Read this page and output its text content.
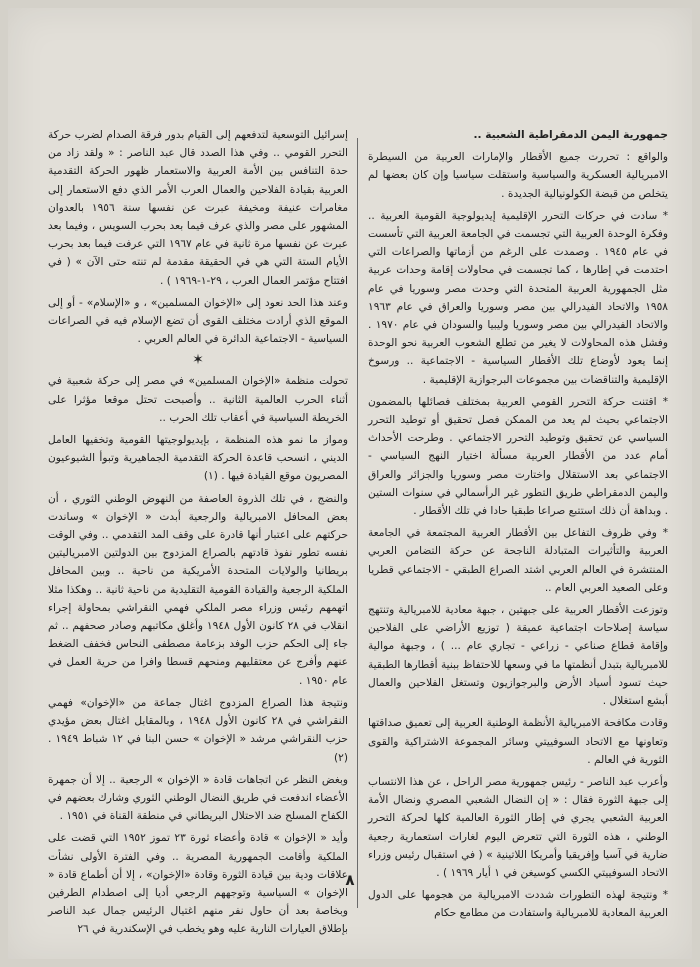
جمهورية اليمن الدمقراطية الشعبية ..

والواقع : تحررت جميع الأقطار والإمارات العربية من السيطرة الامبريالية العسكرية والسياسية واستقلت سياسيا وإن كان بعضها لم يتخلص من قبضة الكولونيالية الجديدة .

* سادت في حركات التحرر الإقليمية إيديولوجية القومية العربية .. وفكرة الوحدة العربية التي تجسمت في الجامعة العربية التي تأسست في عام ١٩٤٥ . وصمدت على الرغم من أزماتها والصراعات التي احتدمت في إطارها ، كما تجسمت في محاولات إقامة وحدات عربية مثل الجمهورية العربية المتحدة التي وحدت مصر وسوريا في عام ١٩٥٨ والاتحاد الفيدرالي بين مصر وسوريا والعراق في عام ١٩٦٣ والاتحاد الفيدرالي بين مصر وسوريا وليبيا والسودان في عام ١٩٧٠ . وفشل هذه المحاولات لا يغير من تطلع الشعوب العربية نحو الوحدة إنما يعود لأوضاع تلك الأقطار السياسية - الاجتماعية .. ورسوخ الإقليمية والتناقضات بين مجموعات البرجوازية الإقليمية .

* اقتنت حركة التحرر القومي العربية بمختلف فصائلها بالمضمون الاجتماعي بحيث لم يعد من الممكن فصل تحقيق أو توطيد التحرر السياسي عن تحقيق وتوطيد التحرر الاجتماعي . وطرحت الأحداث أمام عدد من الأقطار العربية مسألة اختيار النهج السياسي - الاجتماعي بعد الاستقلال واختارت مصر وسوريا والجزائر والعراق واليمن الدمقراطي طريق التطور غير الرأسمالي في سنوات الستين . وبداهة أن ذلك استتبع صراعا طبقيا حادا في تلك الأقطار .

* وفي ظروف التفاعل بين الأقطار العربية المجتمعة في الجامعة العربية والتأثيرات المتبادلة الناجحة عن حركة التضامن العربي المنتشرة في العالم العربي اشتد الصراع الطبقي - الاجتماعي قطريا وعلى الصعيد العربي العام ..

وتوزعت الأقطار العربية على جبهتين ، جبهة معادية للامبريالية وتنتهج سياسة إصلاحات اجتماعية عميقة ( توزيع الأراضي على الفلاحين وإقامة قطاع صناعي - زراعي - تجاري عام ... ) ، وجبهة موالية للامبريالية بتبدل أنظمتها ما في وسعها للاحتفاظ ببنية أقطارها الطبقية حيث تسود أسياد الأرض والبرجوازيون وتستغل الفلاحين والعمال أبشع استغلال .

وقادت مكافحة الامبريالية الأنظمة الوطنية العربية إلى تعميق صداقتها وتعاونها مع الاتحاد السوفييتي وسائر المجموعة الاشتراكية والقوى الثورية في العالم .

وأعرب عبد الناصر - رئيس جمهورية مصر الراحل ، عن هذا الانتساب إلى جبهة الثورة فقال : « إن النضال الشعبي المصري ونضال الأمة العربية الشعبي يجري في إطار الثورة العالمية كلها لحركة التحرر الوطني ، هذه الثورة التي تتعرض اليوم لغارات استعمارية رجعية ضارية في آسيا وإفريقيا وأمريكا اللاتينية » ( في استقبال رئيس وزراء الاتحاد السوفييتي الكسي كوسيغن في ١ أيار ١٩٦٩ ) .

* ونتيجة لهذه التطورات شددت الامبريالية من هجومها على الدول العربية المعادية للامبريالية واستفادت من مطامع حكام

إسرائيل التوسعية لتدفعهم إلى القيام بدور فرقة الصدام لضرب حركة التحرر القومي .. وفي هذا الصدد قال عبد الناصر : « ولقد زاد من حدة التنافس بين الأمة العربية والاستعمار ظهور الحركة التقدمية العربية بقيادة الفلاحين والعمال العرب الأمر الذي دفع الاستعمار إلى مغامرات عنيفة ومخيفة عبرت عن نفسها سنة ١٩٥٦ بالعدوان المشهور على مصر والذي عرف فيما بعد بحرب السويس ، وفيما بعد عبرت عن نفسها مرة ثانية في عام ١٩٦٧ التي عرفت فيما بعد بحرب الأيام الستة التي هي في الحقيقة مقدمة لم تنته حتى الآن » ( في افتتاح مؤتمر العمال العرب ، ٢٩-١-١٩٦٩ ) .

وعند هذا الحد نعود إلى «الإخوان المسلمين» ، و «الإسلام» - أو إلى الموقع الذي أرادت مختلف القوى أن تضع الإسلام فيه في الصراعات السياسية - الاجتماعية الدائرة في العالم العربي .

✶

تحولت منظمة «الإخوان المسلمين» في مصر إلى حركة شعبية في أثناء الحرب العالمية الثانية .. وأصبحت تحتل موقعا مؤثرا على الخريطة السياسية في أعقاب تلك الحرب ..

ومواز ما نمو هذه المنظمة ، بإيديولوجيتها القومية وتخفيها العامل الديني ، انسحب قاعدة الحركة التقدمية الجماهيرية وتبوأ الشيوعيون المصريون موقع القيادة فيها . (١)

والنضج ، في تلك الذروة العاصفة من النهوض الوطني الثوري ، أن بعض المحافل الامبريالية والرجعية أبدت « الإخوان » وساندت حركتهم على اعتبار أنها قادرة على وقف المد التقدمي .. وفي الوقت نفسه تطور نفوذ قادتهم بالصراع المزدوج بين الدولتين الامبرياليتين بريطانيا والولايات المتحدة الأمريكية من ناحية .. وبين المحافل الملكية الرجعية والقيادة القومية التقليدية من ناحية ثانية .. وهكذا مثلا اتهمهم رئيس وزراء مصر الملكي فهمي النقراشي بمحاولة إجراء انقلاب في ٢٨ كانون الأول ١٩٤٨ وأغلق مكاتبهم وصادر صحفهم .. ثم جاء إلى الحكم حزب الوفد بزعامة مصطفى النحاس فخفف الضغط عنهم وأفرج عن معتقليهم ومنحهم قسطا وافرا من حرية العمل في عام ١٩٥٠ .

ونتيجة هذا الصراع المزدوج اغتال جماعة من «الإخوان» فهمي النقراشي في ٢٨ كانون الأول ١٩٤٨ ، وبالمقابل اغتال بعض مؤيدي حزب النقراشي مرشد « الإخوان » حسن البنا في ١٢ شباط ١٩٤٩ . (٢)

وبغض النظر عن اتجاهات قادة « الإخوان » الرجعية .. إلا أن جمهرة الأعضاء اندفعت في طريق النضال الوطني الثوري وشارك بعضهم في الكفاح المسلح ضد الاحتلال البريطاني في منطقة القناة في ١٩٥١ .

وأيد « الإخوان » قادة وأعضاء ثورة ٢٣ تموز ١٩٥٢ التي قضت على الملكية وأقامت الجمهورية المصرية .. وفي الفترة الأولى نشأت علاقات ودية بين قيادة الثورة وقادة «الإخوان» ، إلا أن أطماع قادة « الإخوان » السياسية وتوجههم الرجعي أديا إلى اصطدام الطرفين وبخاصة بعد أن حاول نفر منهم اغتيال الرئيس جمال عبد الناصر بإطلاق العيارات النارية عليه وهو يخطب في الإسكندرية في ٢٦

٨
